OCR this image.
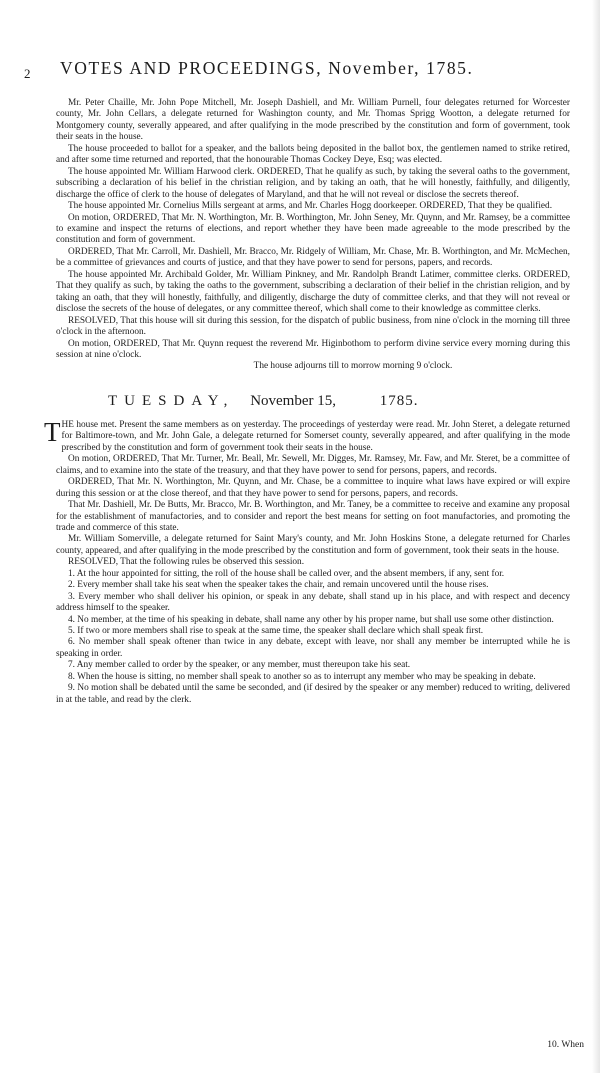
2 VOTES AND PROCEEDINGS, November, 1785.

Mr. Peter Chaille, Mr. John Pope Mitchell, Mr. Joseph Dashiell, and Mr. William Purnell, four delegates returned for Worcester county, Mr. John Cellars, a delegate returned for Washington county, and Mr. Thomas Sprigg Wootton, a delegate returned for Montgomery county, severally appeared, and after qualifying in the mode prescribed by the constitution and form of government, took their seats in the house.

The house proceeded to ballot for a speaker, and the ballots being deposited in the ballot box, the gentlemen named to strike retired, and after some time returned and reported, that the honourable Thomas Cockey Deye, Esq; was elected.

The house appointed Mr. William Harwood clerk. ORDERED, That he qualify as such, by taking the several oaths to the government, subscribing a declaration of his belief in the christian religion, and by taking an oath, that he will honestly, faithfully, and diligently, discharge the office of clerk to the house of delegates of Maryland, and that he will not reveal or disclose the secrets thereof.

The house appointed Mr. Cornelius Mills sergeant at arms, and Mr. Charles Hogg doorkeeper. ORDERED, That they be qualified.

On motion, ORDERED, That Mr. N. Worthington, Mr. B. Worthington, Mr. John Seney, Mr. Quynn, and Mr. Ramsey, be a committee to examine and inspect the returns of elections, and report whether they have been made agreeable to the mode prescribed by the constitution and form of government.

ORDERED, That Mr. Carroll, Mr. Dashiell, Mr. Bracco, Mr. Ridgely of William, Mr. Chase, Mr. B. Worthington, and Mr. McMechen, be a committee of grievances and courts of justice, and that they have power to send for persons, papers, and records.

The house appointed Mr. Archibald Golder, Mr. William Pinkney, and Mr. Randolph Brandt Latimer, committee clerks. ORDERED, That they qualify as such, by taking the oaths to the government, subscribing a declaration of their belief in the christian religion, and by taking an oath, that they will honestly, faithfully, and diligently, discharge the duty of committee clerks, and that they will not reveal or disclose the secrets of the house of delegates, or any committee thereof, which shall come to their knowledge as committee clerks.

RESOLVED, That this house will sit during this session, for the dispatch of public business, from nine o'clock in the morning till three o'clock in the afternoon.

On motion, ORDERED, That Mr. Quynn request the reverend Mr. Higinbothom to perform divine service every morning during this session at nine o'clock.

The house adjourns till to morrow morning 9 o'clock.

TUESDAY, November 15,	1785.

THE house met. Present the same members as on yesterday. The proceedings of yesterday were read. Mr. John Steret, a delegate returned for Baltimore-town, and Mr. John Gale, a delegate returned for Somerset county, severally appeared, and after qualifying in the mode prescribed by the constitution and form of government took their seats in the house.

On motion, ORDERED, That Mr. Turner, Mr. Beall, Mr. Sewell, Mr. Digges, Mr. Ramsey, Mr. Faw, and Mr. Steret, be a committee of claims, and to examine into the state of the treasury, and that they have power to send for persons, papers, and records.

ORDERED, That Mr. N. Worthington, Mr. Quynn, and Mr. Chase, be a committee to inquire what laws have expired or will expire during this session or at the close thereof, and that they have power to send for persons, papers, and records.

That Mr. Dashiell, Mr. De Butts, Mr. Bracco, Mr. B. Worthington, and Mr. Taney, be a committee to receive and examine any proposal for the establishment of manufactories, and to consider and report the best means for setting on foot manufactories, and promoting the trade and commerce of this state.

Mr. William Somerville, a delegate returned for Saint Mary's county, and Mr. John Hoskins Stone, a delegate returned for Charles county, appeared, and after qualifying in the mode prescribed by the constitution and form of government, took their seats in the house.

RESOLVED, That the following rules be observed this session.

1. At the hour appointed for sitting, the roll of the house shall be called over, and the absent members, if any, sent for.

2. Every member shall take his seat when the speaker takes the chair, and remain uncovered until the house rises.

3. Every member who shall deliver his opinion, or speak in any debate, shall stand up in his place, and with respect and decency address himself to the speaker.

4. No member, at the time of his speaking in debate, shall name any other by his proper name, but shall use some other distinction.

5. If two or more members shall rise to speak at the same time, the speaker shall declare which shall speak first.

6. No member shall speak oftener than twice in any debate, except with leave, nor shall any member be interrupted while he is speaking in order.

7. Any member called to order by the speaker, or any member, must thereupon take his seat.

8. When the house is sitting, no member shall speak to another so as to interrupt any member who may be speaking in debate.

9. No motion shall be debated until the same be seconded, and (if desired by the speaker or any member) reduced to writing, delivered in at the table, and read by the clerk.

10. When
